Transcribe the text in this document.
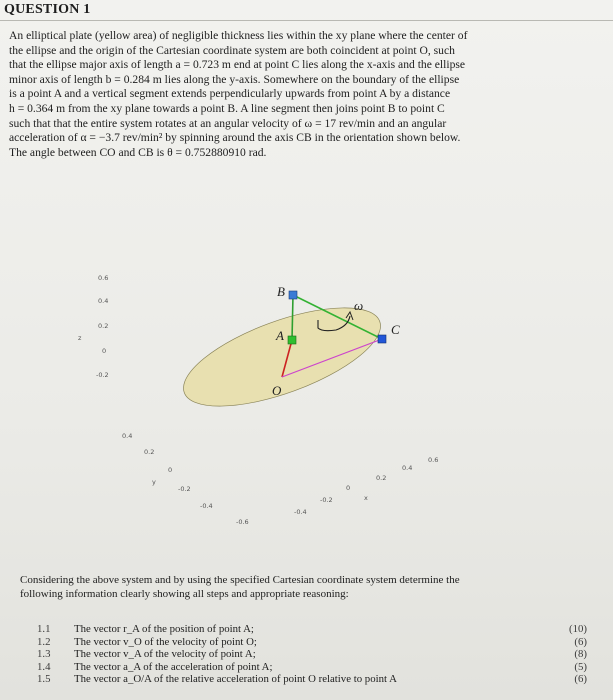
QUESTION 1
An elliptical plate (yellow area) of negligible thickness lies within the xy plane where the center of
the ellipse and the origin of the Cartesian coordinate system are both coincident at point O, such
that the ellipse major axis of length a = 0.723 m end at point C lies along the x-axis and the ellipse
minor axis of length b = 0.284 m lies along the y-axis. Somewhere on the boundary of the ellipse
is a point A and a vertical segment extends perpendicularly upwards from point A by a distance
h = 0.364 m from the xy plane towards a point B. A line segment then joins point B to point C
such that that the entire system rotates at an angular velocity of ω = 17 rev/min and an angular
acceleration of α = −3.7 rev/min² by spinning around the axis CB in the orientation shown below.
The angle between CO and CB is θ = 0.752880910 rad.
0.6
0.4
0.2
0
-0.2
z
0.4
0.2
0
-0.2
-0.4
-0.6
y
-0.4
-0.2
0
0.2
0.4
0.6
x
B
A
O
C
ω
Considering the above system and by using the specified Cartesian coordinate system determine the
following information clearly showing all steps and appropriate reasoning:
1.1	The vector r_A of the position of point A;	(10)
1.2	The vector v_O of the velocity of point O;	(6)
1.3	The vector v_A of the velocity of point A;	(8)
1.4	The vector a_A of the acceleration of point A;	(5)
1.5	The vector a_O/A of the relative acceleration of point O relative to point A	(6)
